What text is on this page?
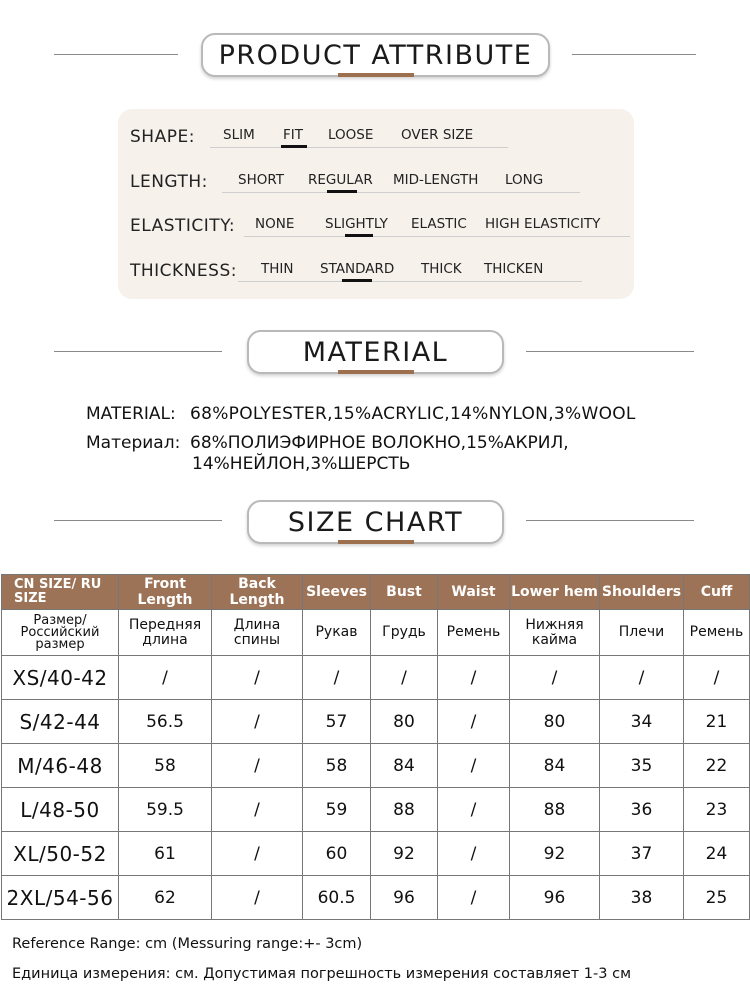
PRODUCT ATTRIBUTE
SHAPE: SLIM FIT LOOSE OVER SIZE
LENGTH: SHORT REGULAR MID-LENGTH LONG
ELASTICITY: NONE SLIGHTLY ELASTIC HIGH ELASTICITY
THICKNESS: THIN STANDARD THICK THICKEN
MATERIAL
MATERIAL: 68%POLYESTER,15%ACRYLIC,14%NYLON,3%WOOL
Материал: 68%ПОЛИЭФИРНОЕ ВОЛОКНО,15%АКРИЛ,
14%НЕЙЛОН,3%ШЕРСТЬ
SIZE CHART
CN SIZE/ RU SIZE	Front Length	Back Length	Sleeves	Bust	Waist	Lower hem	Shoulders	Cuff
Размер/ Российский размер	Передняя длина	Длина спины	Рукав	Грудь	Ремень	Нижняя кайма	Плечи	Ремень
XS/40-42	/	/	/	/	/	/	/	/
S/42-44	56.5	/	57	80	/	80	34	21
M/46-48	58	/	58	84	/	84	35	22
L/48-50	59.5	/	59	88	/	88	36	23
XL/50-52	61	/	60	92	/	92	37	24
2XL/54-56	62	/	60.5	96	/	96	38	25
Reference Range: cm (Messuring range:+- 3cm)
Единица измерения: см. Допустимая погрешность измерения составляет 1-3 см
